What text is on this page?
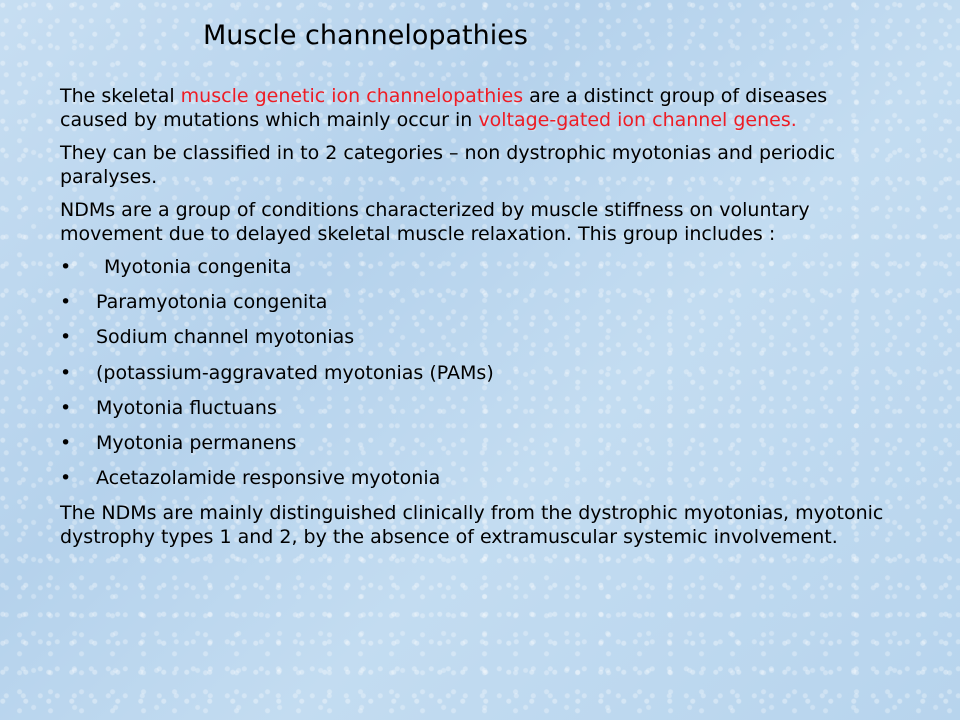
Muscle channelopathies

The skeletal muscle genetic ion channelopathies are a distinct group of diseases caused by mutations which mainly occur in voltage-gated ion channel genes.

They can be classified in to 2 categories – non dystrophic myotonias and periodic paralyses.

NDMs are a group of conditions characterized by muscle stiffness on voluntary movement due to delayed skeletal muscle relaxation. This group includes :

• Myotonia congenita
• Paramyotonia congenita
• Sodium channel myotonias
• (potassium-aggravated myotonias (PAMs)
• Myotonia fluctuans
• Myotonia permanens
• Acetazolamide responsive myotonia

The NDMs are mainly distinguished clinically from the dystrophic myotonias, myotonic dystrophy types 1 and 2, by the absence of extramuscular systemic involvement.
